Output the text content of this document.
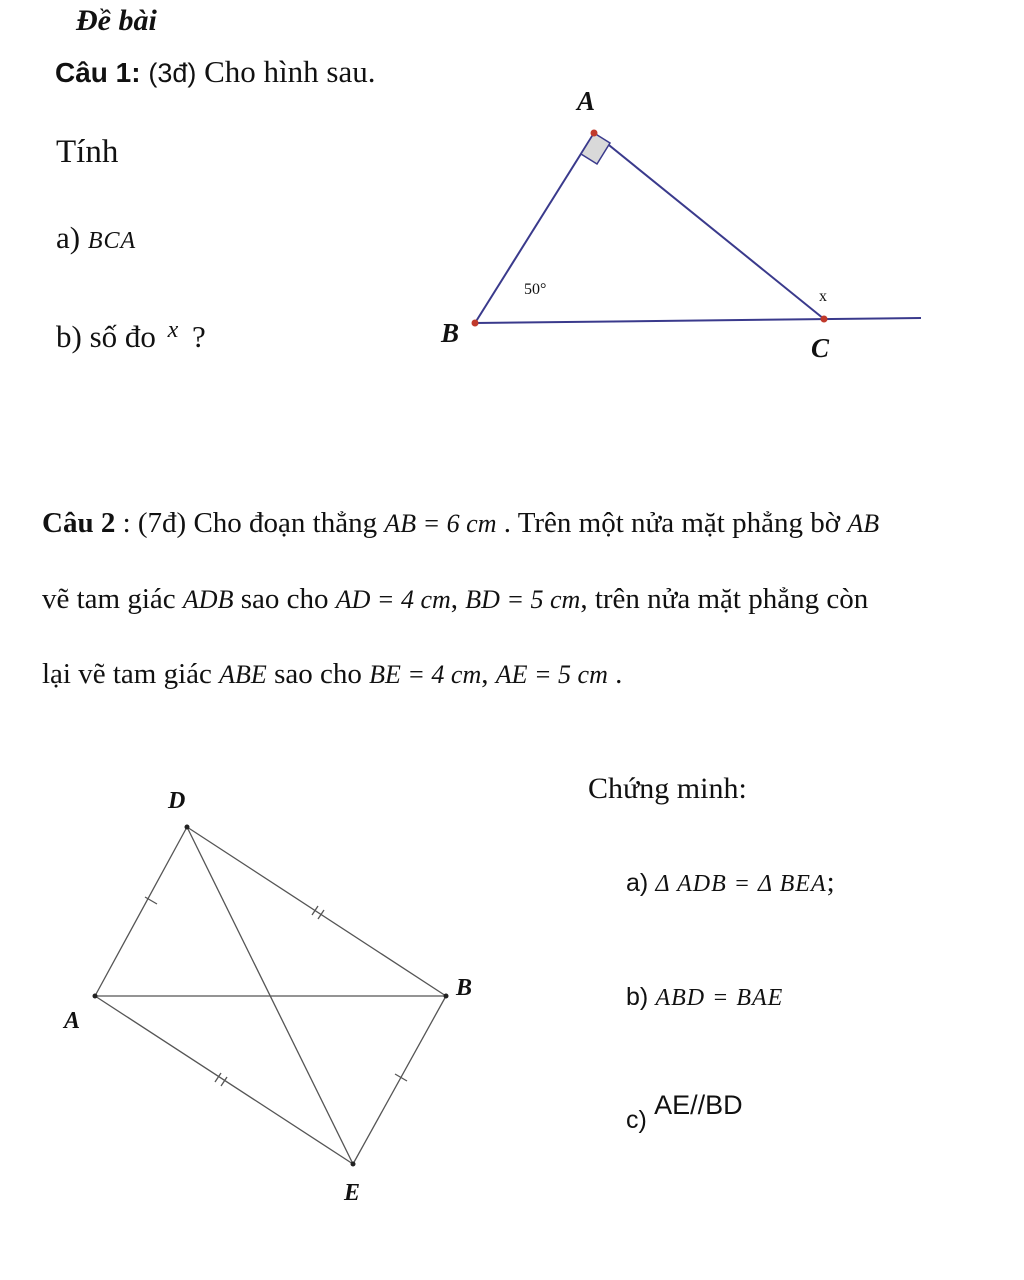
Đề bài
Câu 1: (3đ) Cho hình sau.
Tính
a) BCA
b) số đo $^x$ ?
Câu 2 : (7đ) Cho đoạn thẳng AB = 6 cm . Trên một nửa mặt phẳng bờ AB
vẽ tam giác ADB sao cho AD = 4 cm, BD = 5 cm, trên nửa mặt phẳng còn
lại vẽ tam giác ABE sao cho BE = 4 cm, AE = 5 cm .
Chứng minh:
a) Δ ADB = Δ BEA;
b) ABD = BAE
c) AE//BD
A
B	C
50°	x
D
A
B
E
